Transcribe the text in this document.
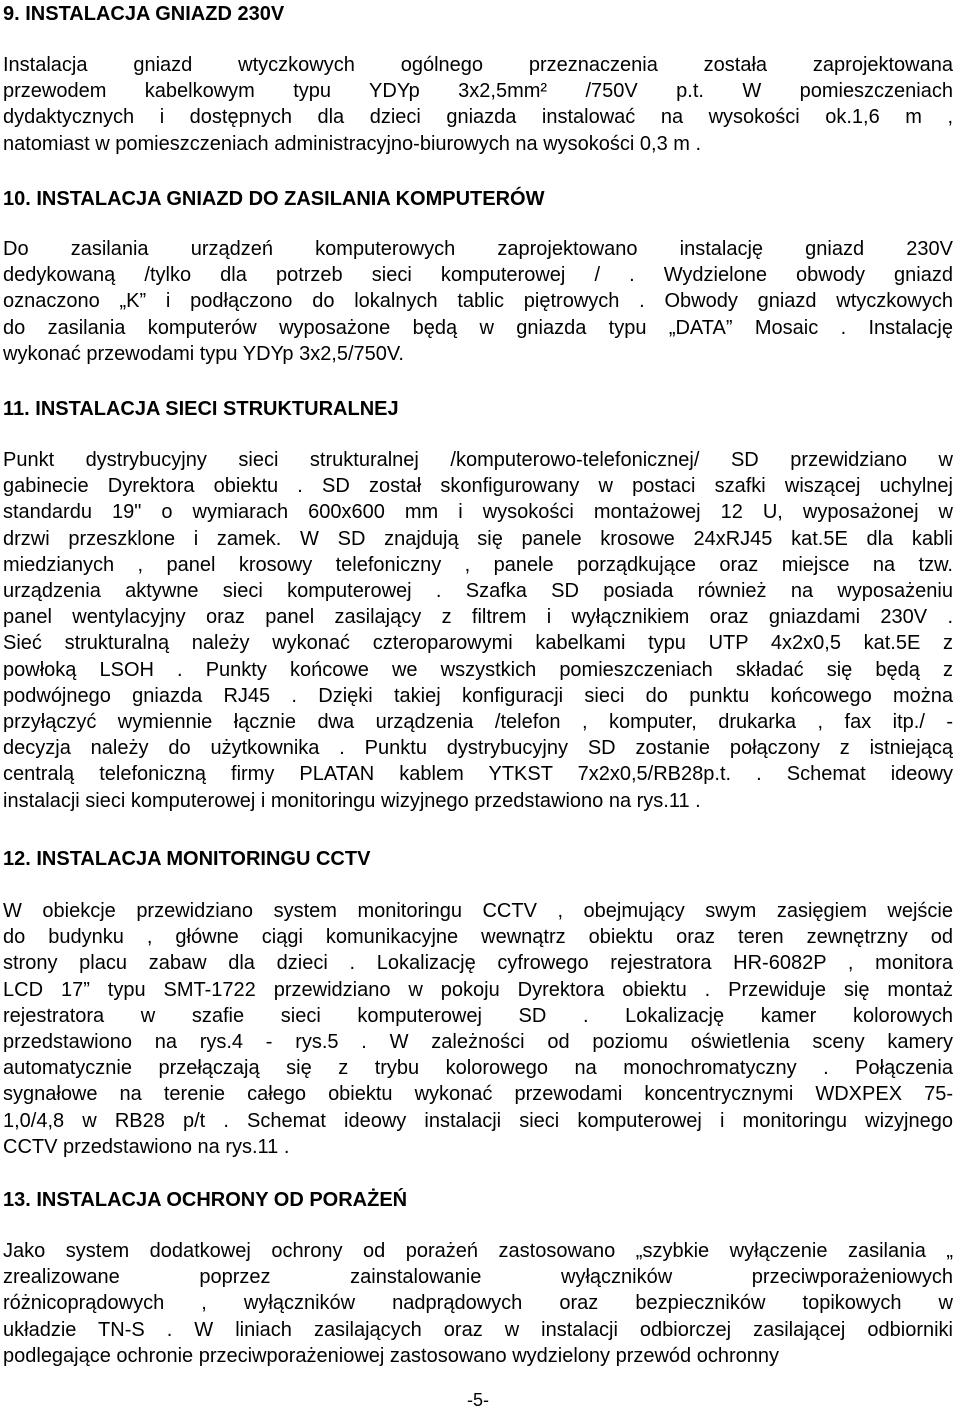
9. INSTALACJA GNIAZD 230V
Instalacja gniazd wtyczkowych ogólnego przeznaczenia została zaprojektowana
przewodem kabelkowym typu YDYp 3x2,5mm² /750V p.t. W pomieszczeniach
dydaktycznych i dostępnych dla dzieci gniazda instalować na wysokości ok.1,6 m ,
natomiast w pomieszczeniach administracyjno-biurowych na wysokości 0,3 m .
10. INSTALACJA GNIAZD DO ZASILANIA KOMPUTERÓW
Do zasilania urządzeń komputerowych zaprojektowano instalację gniazd 230V
dedykowaną /tylko dla potrzeb sieci komputerowej / . Wydzielone obwody gniazd
oznaczono „K” i podłączono do lokalnych tablic piętrowych . Obwody gniazd wtyczkowych
do zasilania komputerów wyposażone będą w gniazda typu „DATA” Mosaic . Instalację
wykonać przewodami typu YDYp 3x2,5/750V.
11. INSTALACJA SIECI STRUKTURALNEJ
Punkt dystrybucyjny sieci strukturalnej /komputerowo-telefonicznej/ SD przewidziano w
gabinecie Dyrektora obiektu . SD został skonfigurowany w postaci szafki wiszącej uchylnej
standardu 19" o wymiarach 600x600 mm i wysokości montażowej 12 U, wyposażonej w
drzwi przeszklone i zamek. W SD znajdują się panele krosowe 24xRJ45 kat.5E dla kabli
miedzianych , panel krosowy telefoniczny , panele porządkujące oraz miejsce na tzw.
urządzenia aktywne sieci komputerowej . Szafka SD posiada również na wyposażeniu
panel wentylacyjny oraz panel zasilający z filtrem i wyłącznikiem oraz gniazdami 230V .
Sieć strukturalną należy wykonać czteroparowymi kabelkami typu UTP 4x2x0,5 kat.5E z
powłoką LSOH . Punkty końcowe we wszystkich pomieszczeniach składać się będą z
podwójnego gniazda RJ45 . Dzięki takiej konfiguracji sieci do punktu końcowego można
przyłączyć wymiennie łącznie dwa urządzenia /telefon , komputer, drukarka , fax itp./ -
decyzja należy do użytkownika . Punktu dystrybucyjny SD zostanie połączony z istniejącą
centralą telefoniczną firmy PLATAN kablem YTKST 7x2x0,5/RB28p.t. . Schemat ideowy
instalacji sieci komputerowej i monitoringu wizyjnego przedstawiono na rys.11 .
12. INSTALACJA MONITORINGU CCTV
W obiekcje przewidziano system monitoringu CCTV , obejmujący swym zasięgiem wejście
do budynku , główne ciągi komunikacyjne wewnątrz obiektu oraz teren zewnętrzny od
strony placu zabaw dla dzieci . Lokalizację cyfrowego rejestratora HR-6082P , monitora
LCD 17” typu SMT-1722 przewidziano w pokoju Dyrektora obiektu . Przewiduje się montaż
rejestratora w szafie sieci komputerowej SD . Lokalizację kamer kolorowych
przedstawiono na rys.4 - rys.5 . W zależności od poziomu oświetlenia sceny kamery
automatycznie przełączają się z trybu kolorowego na monochromatyczny . Połączenia
sygnałowe na terenie całego obiektu wykonać przewodami koncentrycznymi WDXPEX 75-
1,0/4,8 w RB28 p/t . Schemat ideowy instalacji sieci komputerowej i monitoringu wizyjnego
CCTV przedstawiono na rys.11 .
13. INSTALACJA OCHRONY OD PORAŻEŃ
Jako system dodatkowej ochrony od porażeń zastosowano „szybkie wyłączenie zasilania „
zrealizowane poprzez zainstalowanie wyłączników przeciwporażeniowych
różnicoprądowych , wyłączników nadprądowych oraz bezpieczników topikowych w
układzie TN-S . W liniach zasilających oraz w instalacji odbiorczej zasilającej odbiorniki
podlegające ochronie przeciwporażeniowej zastosowano wydzielony przewód ochronny
-5-
